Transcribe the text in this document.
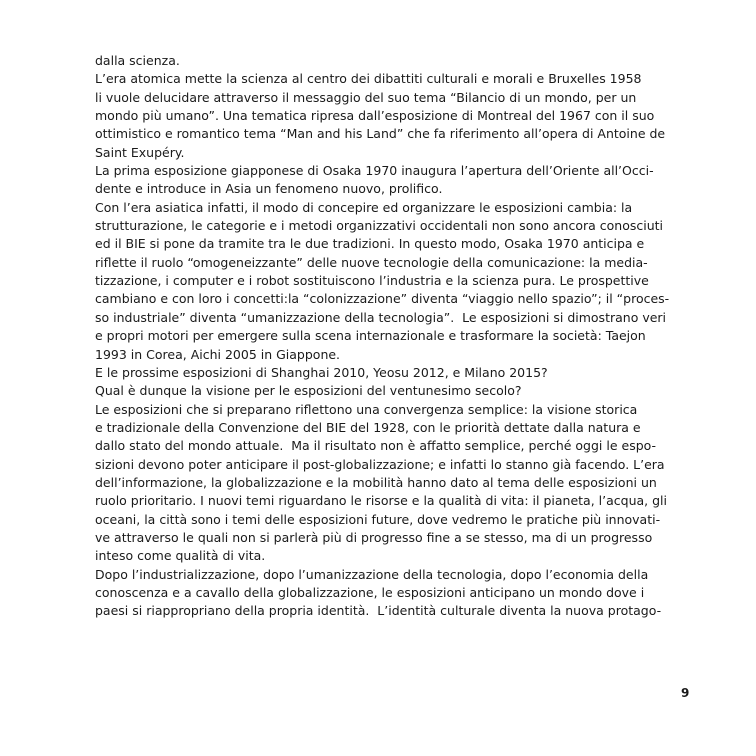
dalla scienza.
L’era atomica mette la scienza al centro dei dibattiti culturali e morali e Bruxelles 1958
li vuole delucidare attraverso il messaggio del suo tema “Bilancio di un mondo, per un
mondo più umano”. Una tematica ripresa dall’esposizione di Montreal del 1967 con il suo
ottimistico e romantico tema “Man and his Land” che fa riferimento all’opera di Antoine de
Saint Exupéry.
La prima esposizione giapponese di Osaka 1970 inaugura l’apertura dell’Oriente all’Occi-
dente e introduce in Asia un fenomeno nuovo, prolifico.
Con l’era asiatica infatti, il modo di concepire ed organizzare le esposizioni cambia: la
strutturazione, le categorie e i metodi organizzativi occidentali non sono ancora conosciuti
ed il BIE si pone da tramite tra le due tradizioni. In questo modo, Osaka 1970 anticipa e
riflette il ruolo “omogeneizzante” delle nuove tecnologie della comunicazione: la media-
tizzazione, i computer e i robot sostituiscono l’industria e la scienza pura. Le prospettive
cambiano e con loro i concetti:la “colonizzazione” diventa “viaggio nello spazio”; il “proces-
so industriale” diventa “umanizzazione della tecnologia”.  Le esposizioni si dimostrano veri
e propri motori per emergere sulla scena internazionale e trasformare la società: Taejon
1993 in Corea, Aichi 2005 in Giappone.
E le prossime esposizioni di Shanghai 2010, Yeosu 2012, e Milano 2015?
Qual è dunque la visione per le esposizioni del ventunesimo secolo?
Le esposizioni che si preparano riflettono una convergenza semplice: la visione storica
e tradizionale della Convenzione del BIE del 1928, con le priorità dettate dalla natura e
dallo stato del mondo attuale.  Ma il risultato non è affatto semplice, perché oggi le espo-
sizioni devono poter anticipare il post-globalizzazione; e infatti lo stanno già facendo. L’era
dell’informazione, la globalizzazione e la mobilità hanno dato al tema delle esposizioni un
ruolo prioritario. I nuovi temi riguardano le risorse e la qualità di vita: il pianeta, l’acqua, gli
oceani, la città sono i temi delle esposizioni future, dove vedremo le pratiche più innovati-
ve attraverso le quali non si parlerà più di progresso fine a se stesso, ma di un progresso
inteso come qualità di vita.
Dopo l’industrializzazione, dopo l’umanizzazione della tecnologia, dopo l’economia della
conoscenza e a cavallo della globalizzazione, le esposizioni anticipano un mondo dove i
paesi si riappropriano della propria identità.  L’identità culturale diventa la nuova protago-
9
